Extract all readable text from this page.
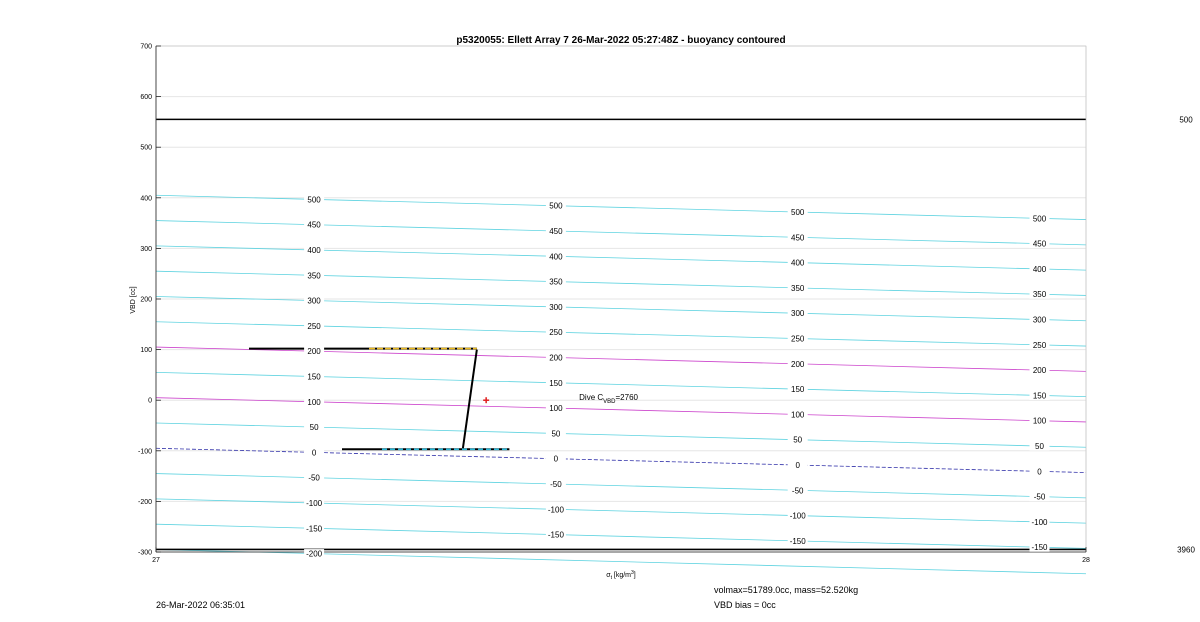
500
3960
700
600
500
400
300
200
100
0
-100
-200
-300
27	28
500
450
400
350
300
250
200
150
100
50
0
-50
-100
-150
-200
500
450
400
350
300
250
200
150
100
50
0
-50
-100
-150
500
450
400
350
300
250
200
150
100
50
0
-50
-100
-150
500
450
400
350
300
250
200
150
100
50
0
-50
-100
-150
p5320055: Ellett Array 7 26-Mar-2022 05:27:48Z - buoyancy contoured
$\sigma_t$ $[kg/m^3]$
VBD [cc]
Dive $C_{VBD}=2760$
26-Mar-2022 06:35:01
volmax=51789.0cc, mass=52.520kg
VBD bias = 0cc
